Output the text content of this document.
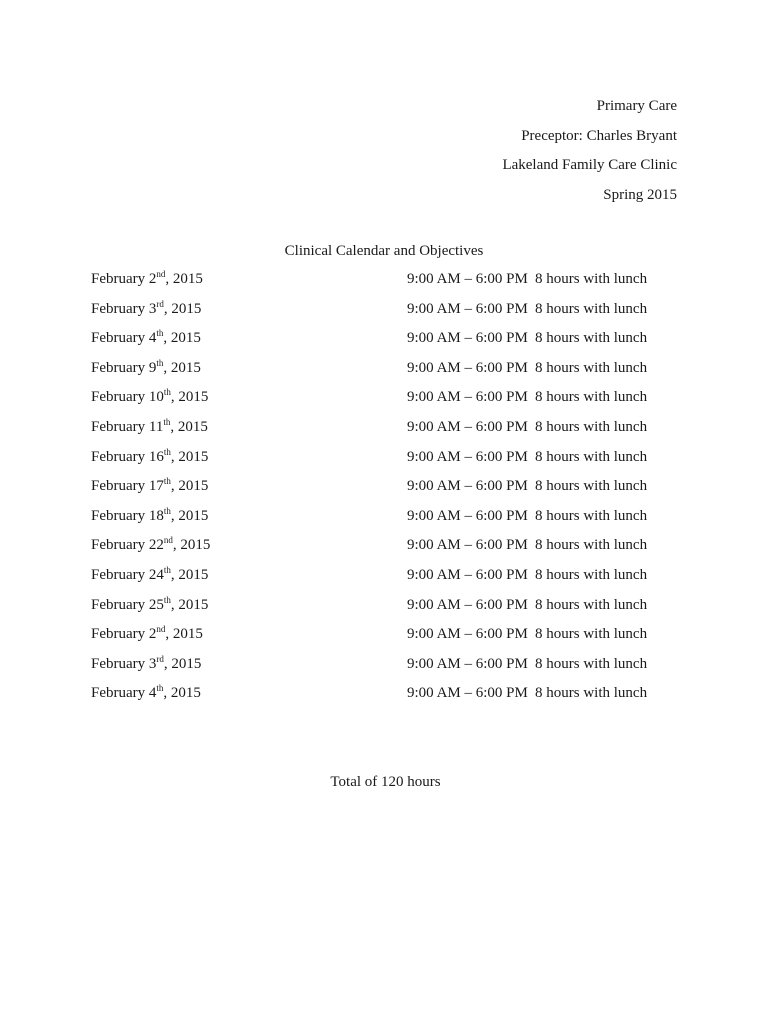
Primary Care
Preceptor: Charles Bryant
Lakeland Family Care Clinic
Spring 2015
Clinical Calendar and Objectives
February 2nd, 2015	9:00 AM – 6:00 PM 8 hours with lunch
February 3rd, 2015	9:00 AM – 6:00 PM 8 hours with lunch
February 4th, 2015	9:00 AM – 6:00 PM 8 hours with lunch
February 9th, 2015	9:00 AM – 6:00 PM 8 hours with lunch
February 10th, 2015	9:00 AM – 6:00 PM 8 hours with lunch
February 11th, 2015	9:00 AM – 6:00 PM 8 hours with lunch
February 16th, 2015	9:00 AM – 6:00 PM 8 hours with lunch
February 17th, 2015	9:00 AM – 6:00 PM 8 hours with lunch
February 18th, 2015	9:00 AM – 6:00 PM 8 hours with lunch
February 22nd, 2015	9:00 AM – 6:00 PM 8 hours with lunch
February 24th, 2015	9:00 AM – 6:00 PM 8 hours with lunch
February 25th, 2015	9:00 AM – 6:00 PM 8 hours with lunch
February 2nd, 2015	9:00 AM – 6:00 PM 8 hours with lunch
February 3rd, 2015	9:00 AM – 6:00 PM 8 hours with lunch
February 4th, 2015	9:00 AM – 6:00 PM 8 hours with lunch
Total of 120 hours
